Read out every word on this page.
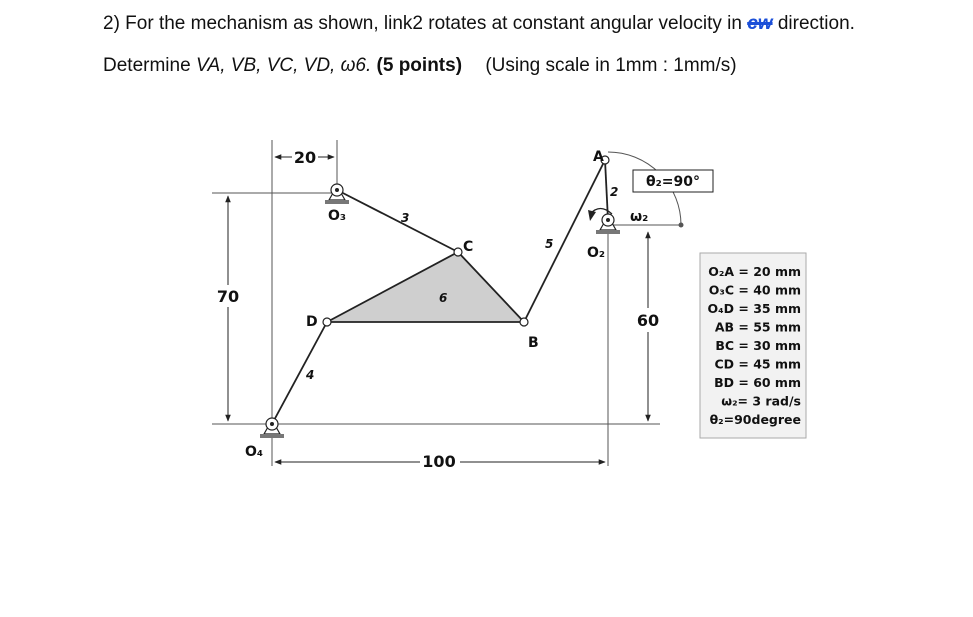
2) For the mechanism as shown, link2 rotates at constant angular velocity in cw direction.
Determine VA, VB, VC, VD, ω6. (5 points) (Using scale in 1mm : 1mm/s)
70
60
100
20
θ₂=90°
A
B
C
D
O₂
O₃
O₄
2
3
4
5
6
ω₂
O₂A = 20 mm
O₃C = 40 mm
O₄D = 35 mm
AB = 55 mm
BC = 30 mm
CD = 45 mm
BD = 60 mm
ω₂= 3 rad/s
θ₂=90degree
